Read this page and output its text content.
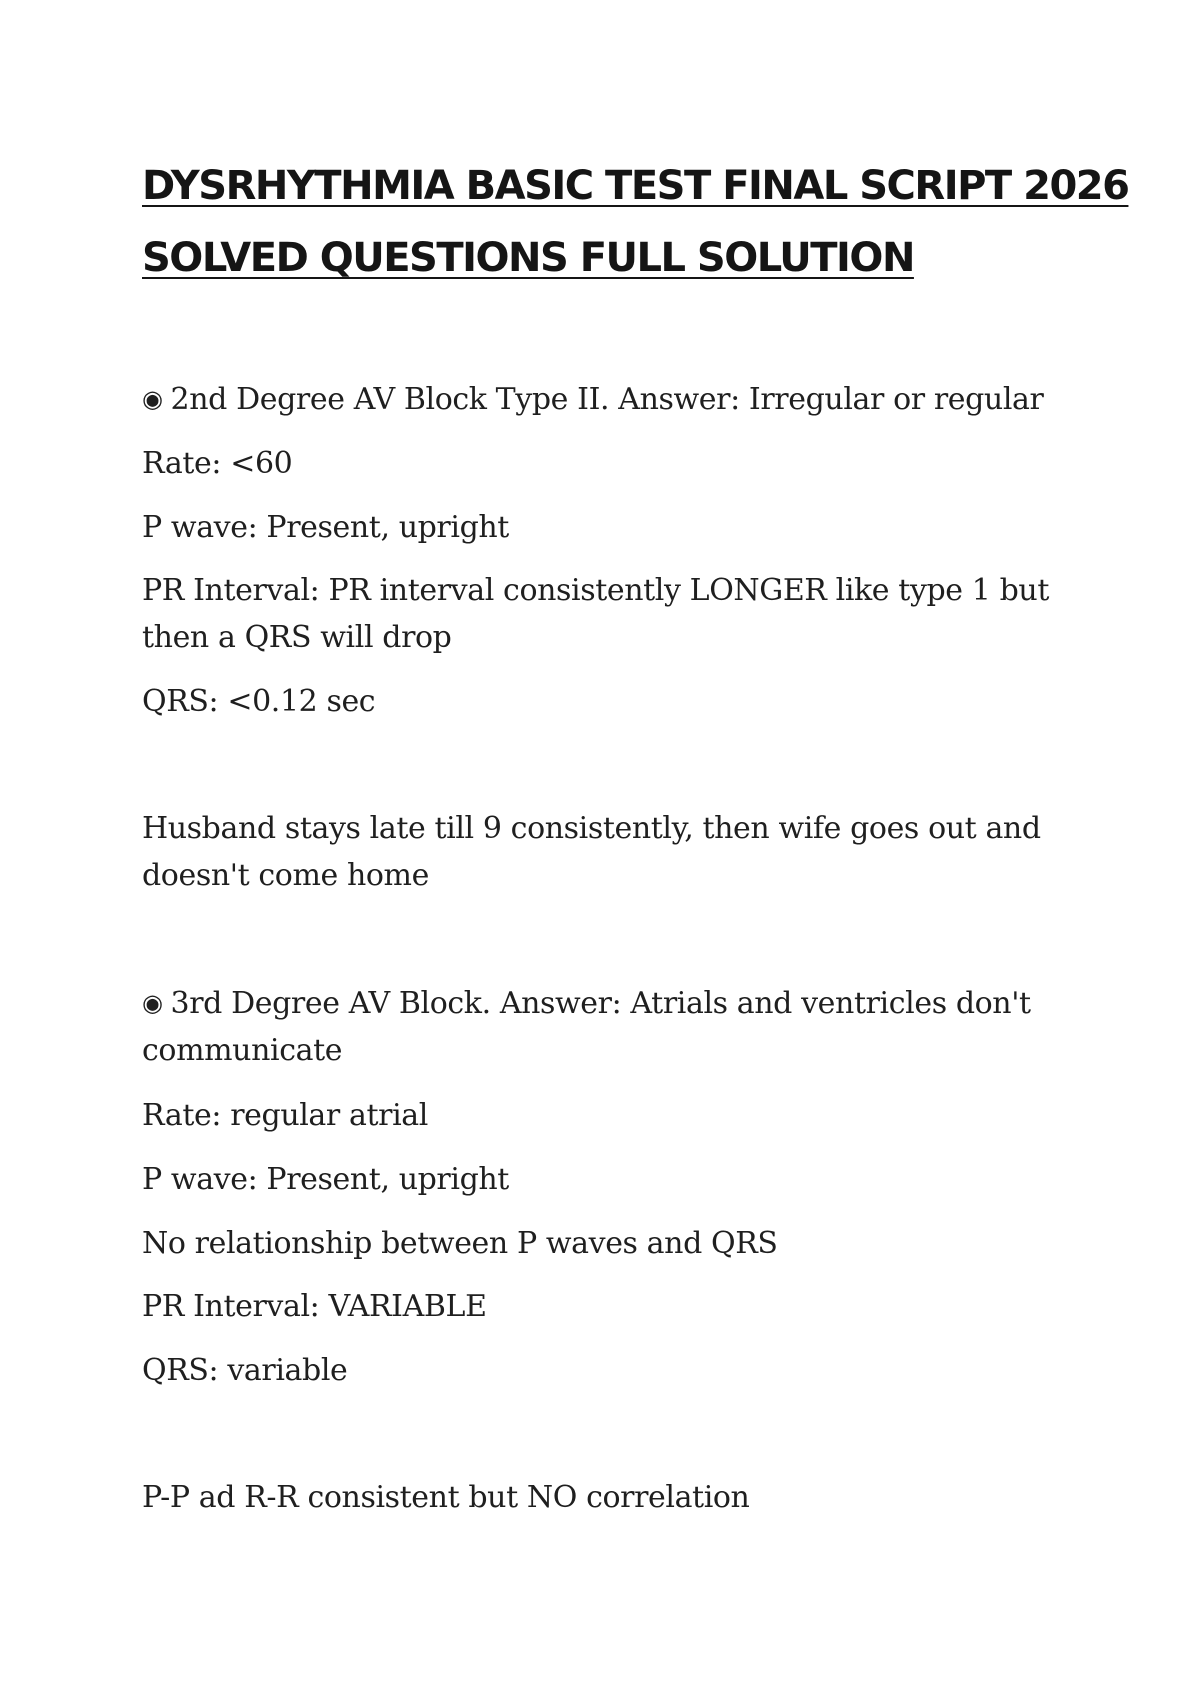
DYSRHYTHMIA BASIC TEST FINAL SCRIPT 2026
SOLVED QUESTIONS FULL SOLUTION
◉ 2nd Degree AV Block Type II. Answer: Irregular or regular
Rate: <60
P wave: Present, upright
PR Interval: PR interval consistently LONGER like type 1 but then a QRS will drop
QRS: <0.12 sec
Husband stays late till 9 consistently, then wife goes out and doesn't come home
◉ 3rd Degree AV Block. Answer: Atrials and ventricles don't communicate
Rate: regular atrial
P wave: Present, upright
No relationship between P waves and QRS
PR Interval: VARIABLE
QRS: variable
P-P ad R-R consistent but NO correlation
